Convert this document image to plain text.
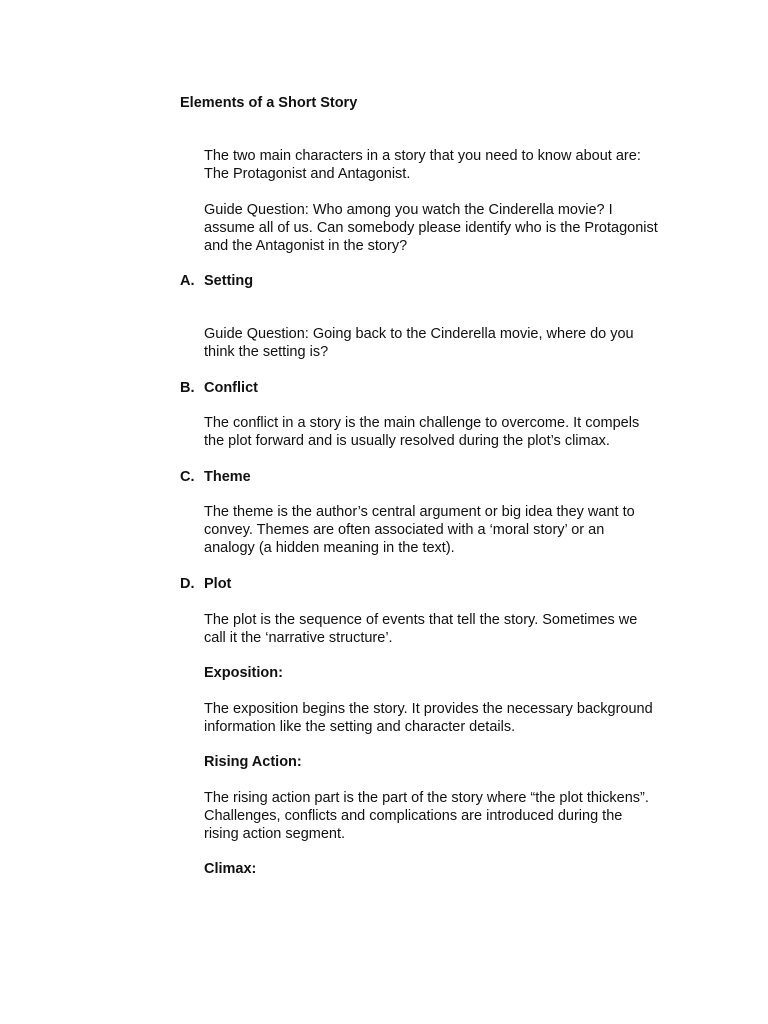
Elements of a Short Story
The two main characters in a story that you need to know about are:
The Protagonist and Antagonist.
Guide Question: Who among you watch the Cinderella movie? I
assume all of us. Can somebody please identify who is the Protagonist
and the Antagonist in the story?
A. Setting
Guide Question: Going back to the Cinderella movie, where do you
think the setting is?
B. Conflict
The conflict in a story is the main challenge to overcome. It compels
the plot forward and is usually resolved during the plot’s climax.
C. Theme
The theme is the author’s central argument or big idea they want to
convey. Themes are often associated with a ‘moral story’ or an
analogy (a hidden meaning in the text).
D. Plot
The plot is the sequence of events that tell the story. Sometimes we
call it the ‘narrative structure’.
Exposition:
The exposition begins the story. It provides the necessary background
information like the setting and character details.
Rising Action:
The rising action part is the part of the story where “the plot thickens”.
Challenges, conflicts and complications are introduced during the
rising action segment.
Climax:
